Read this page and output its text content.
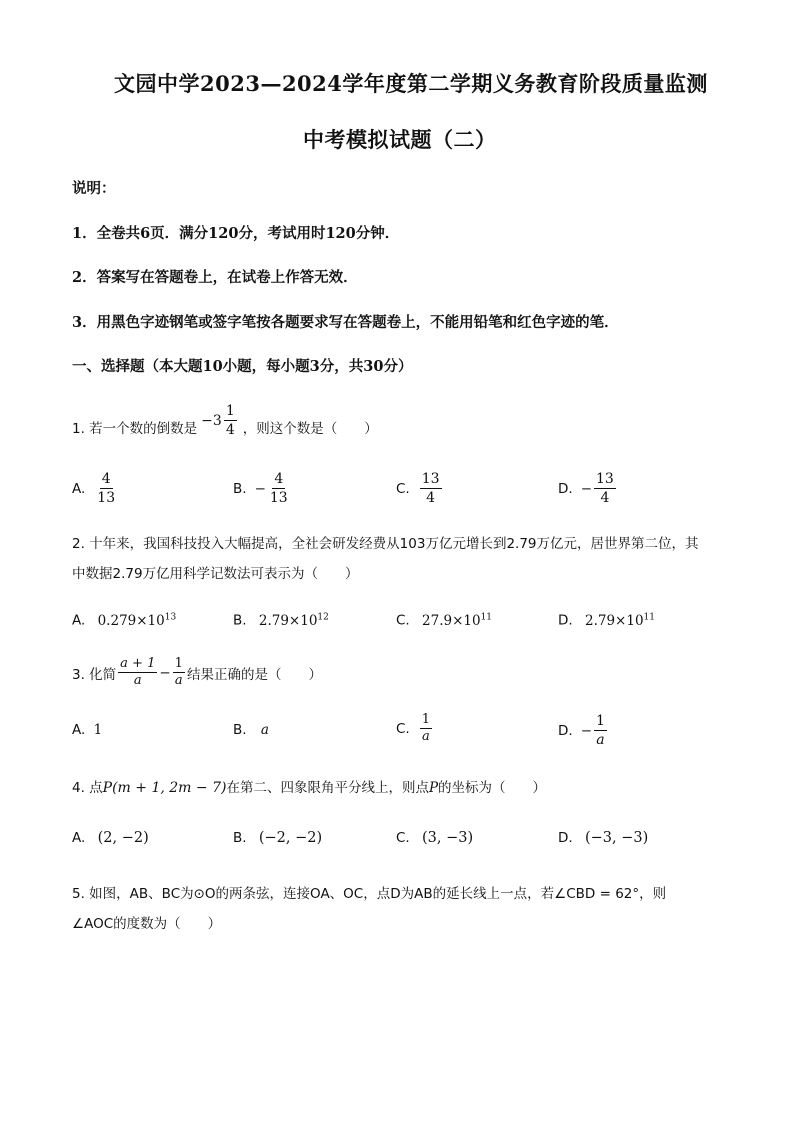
文园中学2023—2024学年度第二学期义务教育阶段质量监测
中考模拟试题（二）
说明：
1．全卷共6页．满分120分，考试用时120分钟．
2．答案写在答题卷上，在试卷上作答无效．
3．用黑色字迹钢笔或签字笔按各题要求写在答题卷上，不能用铅笔和红色字迹的笔．
一、选择题（本大题10小题，每小题3分，共30分）
1. 若一个数的倒数是
$-3 \frac{1}{4}$ ，则这个数是（　　）
A. $\frac{4}{13}$	B. − $\frac{4}{13}$	C. $\frac{13}{4}$	D. − $\frac{13}{4}$
2. 十年来，我国科技投入大幅提高，全社会研发经费从103万亿元增长到2.79万亿元，居世界第二位，其
中数据2.79万亿用科学记数法可表示为（　　）
A. $0.279\times 10^{13}$	B. $2.79\times 10^{12}$	C. $27.9\times 10^{11}$	D. $2.79\times 10^{11}$
3. 化简 $\frac{a + 1}{a} - \frac{1}{a}$ 结果正确的是（　　）
A. 1	B. a	C. $\frac{1}{a}$	D. − $\frac{1}{a}$
4. 点P(m + 1, 2m − 7)在第二、四象限角平分线上，则点P的坐标为（　　）
A. (2, −2)	B. (−2, −2)	C. (3, −3)	D. (−3, −3)
5. 如图，AB、BC为⊙O的两条弦，连接OA、OC，点D为AB的延长线上一点，若∠CBD = 62°，则
∠AOC的度数为（　　）
